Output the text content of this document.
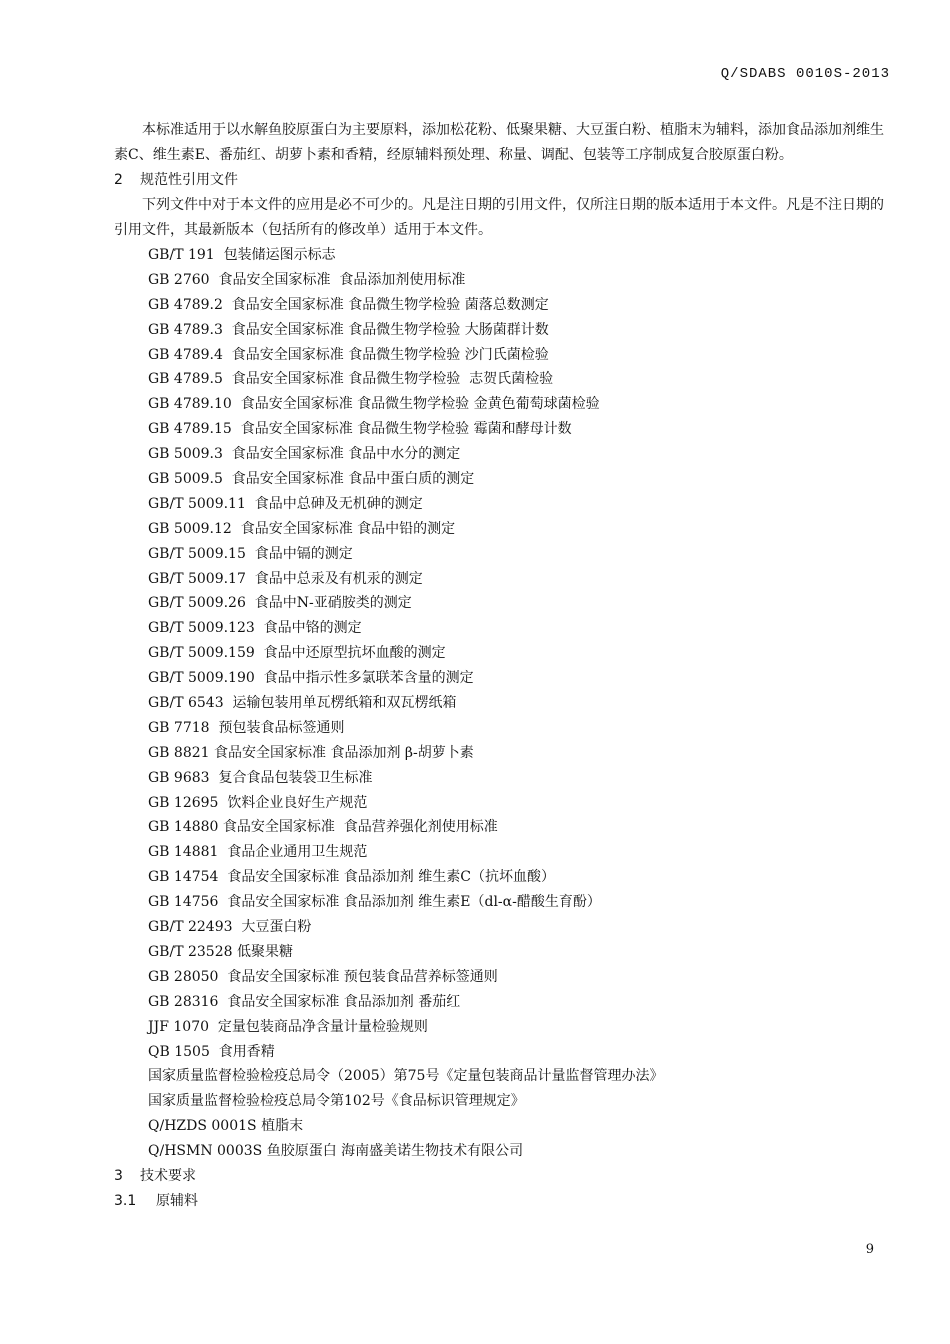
Q/SDABS 0010S-2013

本标准适用于以水解鱼胶原蛋白为主要原料，添加松花粉、低聚果糖、大豆蛋白粉、植脂末为辅料，添加食品添加剂维生素C、维生素E、番茄红、胡萝卜素和香精，经原辅料预处理、称量、调配、包装等工序制成复合胶原蛋白粉。

2 规范性引用文件

下列文件中对于本文件的应用是必不可少的。凡是注日期的引用文件，仅所注日期的版本适用于本文件。凡是不注日期的引用文件，其最新版本（包括所有的修改单）适用于本文件。

GB/T 191  包装储运图示标志
GB 2760  食品安全国家标准  食品添加剂使用标准
GB 4789.2  食品安全国家标准 食品微生物学检验 菌落总数测定
GB 4789.3  食品安全国家标准 食品微生物学检验 大肠菌群计数
GB 4789.4  食品安全国家标准 食品微生物学检验 沙门氏菌检验
GB 4789.5  食品安全国家标准 食品微生物学检验  志贺氏菌检验
GB 4789.10  食品安全国家标准 食品微生物学检验 金黄色葡萄球菌检验
GB 4789.15  食品安全国家标准 食品微生物学检验 霉菌和酵母计数
GB 5009.3  食品安全国家标准 食品中水分的测定
GB 5009.5  食品安全国家标准 食品中蛋白质的测定
GB/T 5009.11  食品中总砷及无机砷的测定
GB 5009.12  食品安全国家标准 食品中铅的测定
GB/T 5009.15  食品中镉的测定
GB/T 5009.17  食品中总汞及有机汞的测定
GB/T 5009.26  食品中N-亚硝胺类的测定
GB/T 5009.123  食品中铬的测定
GB/T 5009.159  食品中还原型抗坏血酸的测定
GB/T 5009.190  食品中指示性多氯联苯含量的测定
GB/T 6543  运输包装用单瓦楞纸箱和双瓦楞纸箱
GB 7718  预包装食品标签通则
GB 8821 食品安全国家标准 食品添加剂 β-胡萝卜素
GB 9683  复合食品包装袋卫生标准
GB 12695  饮料企业良好生产规范
GB 14880 食品安全国家标准  食品营养强化剂使用标准
GB 14881  食品企业通用卫生规范
GB 14754  食品安全国家标准 食品添加剂 维生素C（抗坏血酸）
GB 14756  食品安全国家标准 食品添加剂 维生素E（dl-α-醋酸生育酚）
GB/T 22493  大豆蛋白粉
GB/T 23528 低聚果糖
GB 28050  食品安全国家标准 预包装食品营养标签通则
GB 28316  食品安全国家标准 食品添加剂 番茄红
JJF 1070  定量包装商品净含量计量检验规则
QB 1505  食用香精
国家质量监督检验检疫总局令（2005）第75号《定量包装商品计量监督管理办法》
国家质量监督检验检疫总局令第102号《食品标识管理规定》
Q/HZDS 0001S 植脂末
Q/HSMN 0003S 鱼胶原蛋白 海南盛美诺生物技术有限公司

3 技术要求

3.1 原辅料

9
